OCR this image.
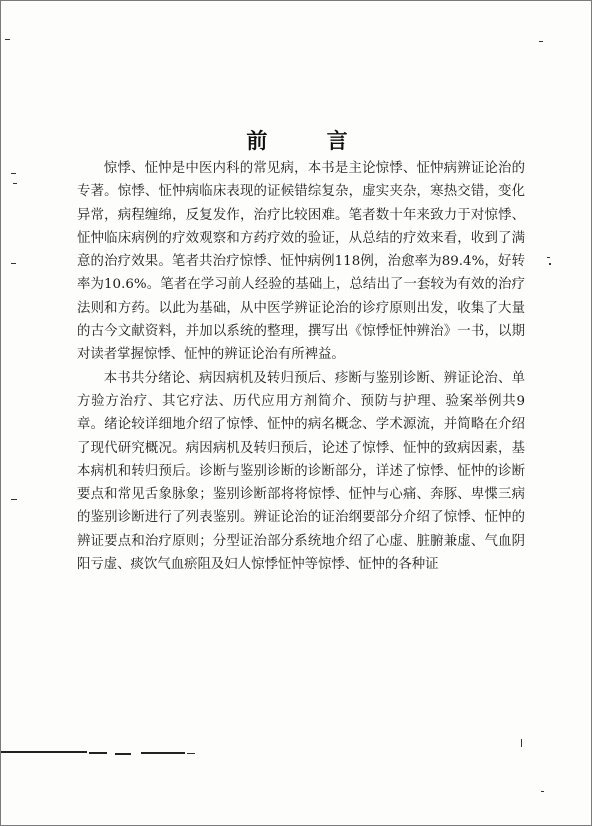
前 言

惊悸、怔忡是中医内科的常见病，本书是主论惊悸、怔忡病辨证论治的专著。惊悸、怔忡病临床表现的证候错综复杂，虚实夹杂，寒热交错，变化异常，病程缠绵，反复发作，治疗比较困难。笔者数十年来致力于对惊悸、怔忡临床病例的疗效观察和方药疗效的验证，从总结的疗效来看，收到了满意的治疗效果。笔者共治疗惊悸、怔忡病例118例，治愈率为89.4%，好转率为10.6%。笔者在学习前人经验的基础上，总结出了一套较为有效的治疗法则和方药。以此为基础，从中医学辨证论治的诊疗原则出发，收集了大量的古今文献资料，并加以系统的整理，撰写出《惊悸怔忡辨治》一书，以期对读者掌握惊悸、怔忡的辨证论治有所裨益。

本书共分绪论、病因病机及转归预后、疹断与鉴别诊断、辨证论治、单方验方治疗、其它疗法、历代应用方剂简介、预防与护理、验案举例共9章。绪论较详细地介绍了惊悸、怔忡的病名概念、学术源流，并简略在介绍了现代研究概况。病因病机及转归预后，论述了惊悸、怔忡的致病因素，基本病机和转归预后。诊断与鉴别诊断的诊断部分，详述了惊悸、怔忡的诊断要点和常见舌象脉象；鉴别诊断部将将惊悸、怔忡与心痛、奔豚、卑惵三病的鉴别诊断进行了列表鉴别。辨证论治的证治纲要部分介绍了惊悸、怔忡的辨证要点和治疗原则；分型证治部分系统地介绍了心虚、脏腑兼虚、气血阴阳亏虚、痰饮气血瘀阻及妇人惊悸怔忡等惊悸、怔忡的各种证
